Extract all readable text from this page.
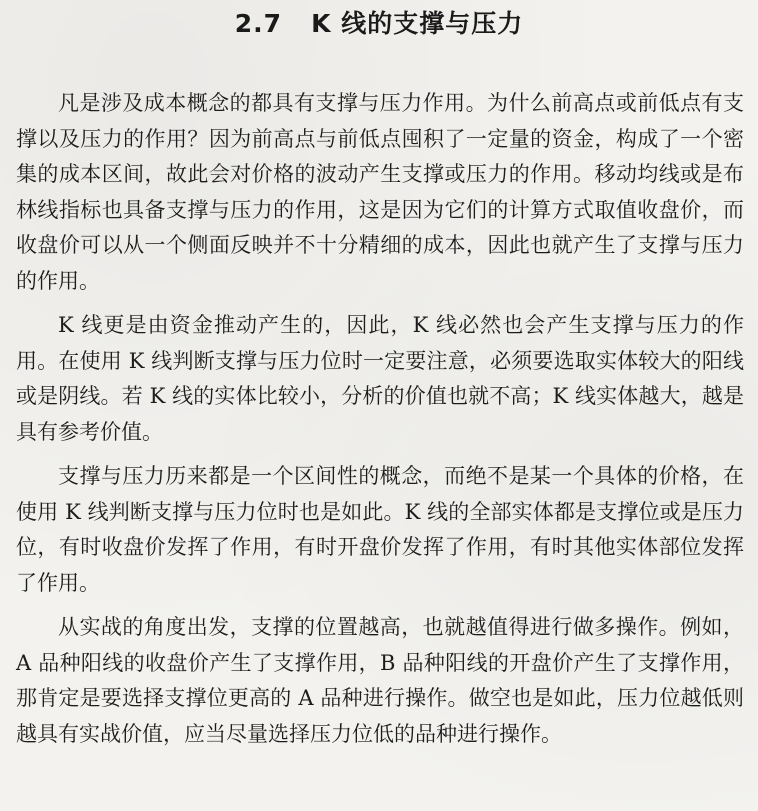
2.7 K 线的支撑与压力

凡是涉及成本概念的都具有支撑与压力作用。为什么前高点或前低点有支撑以及压力的作用？因为前高点与前低点囤积了一定量的资金，构成了一个密集的成本区间，故此会对价格的波动产生支撑或压力的作用。移动均线或是布林线指标也具备支撑与压力的作用，这是因为它们的计算方式取值收盘价，而收盘价可以从一个侧面反映并不十分精细的成本，因此也就产生了支撑与压力的作用。

K 线更是由资金推动产生的，因此，K 线必然也会产生支撑与压力的作用。在使用 K 线判断支撑与压力位时一定要注意，必须要选取实体较大的阳线或是阴线。若 K 线的实体比较小，分析的价值也就不高；K 线实体越大，越是具有参考价值。

支撑与压力历来都是一个区间性的概念，而绝不是某一个具体的价格，在使用 K 线判断支撑与压力位时也是如此。K 线的全部实体都是支撑位或是压力位，有时收盘价发挥了作用，有时开盘价发挥了作用，有时其他实体部位发挥了作用。

从实战的角度出发，支撑的位置越高，也就越值得进行做多操作。例如，A 品种阳线的收盘价产生了支撑作用，B 品种阳线的开盘价产生了支撑作用，那肯定是要选择支撑位更高的 A 品种进行操作。做空也是如此，压力位越低则越具有实战价值，应当尽量选择压力位低的品种进行操作。
